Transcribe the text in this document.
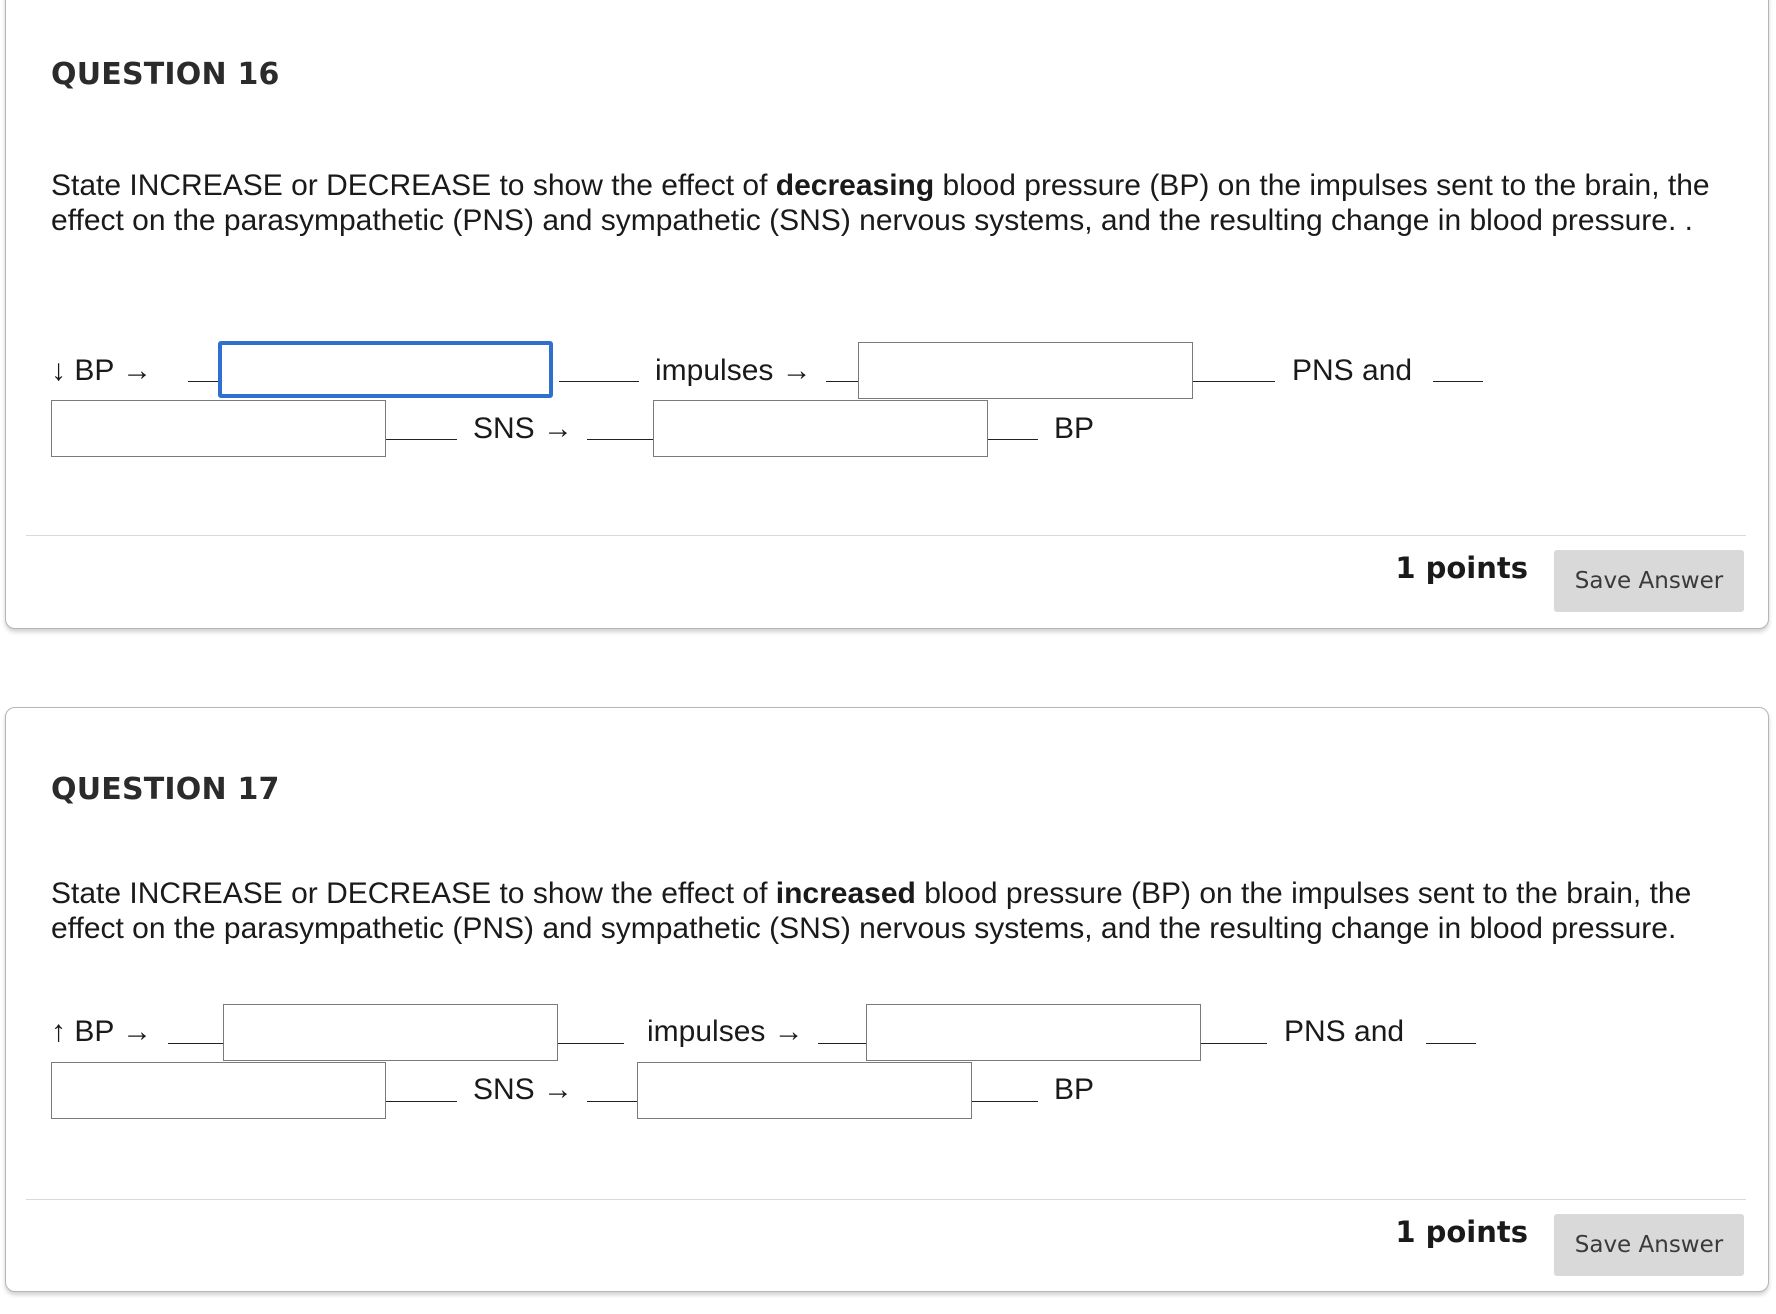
QUESTION 16

State INCREASE or DECREASE to show the effect of decreasing blood pressure (BP) on the impulses sent to the brain, the effect on the parasympathetic (PNS) and sympathetic (SNS) nervous systems, and the resulting change in blood pressure. .

↓ BP →	impulses →	PNS and
SNS →	BP
1 points	Save Answer
QUESTION 17

State INCREASE or DECREASE to show the effect of increased blood pressure (BP) on the impulses sent to the brain, the effect on the parasympathetic (PNS) and sympathetic (SNS) nervous systems, and the resulting change in blood pressure.

↑ BP →	impulses →	PNS and
SNS →	BP
1 points	Save Answer
